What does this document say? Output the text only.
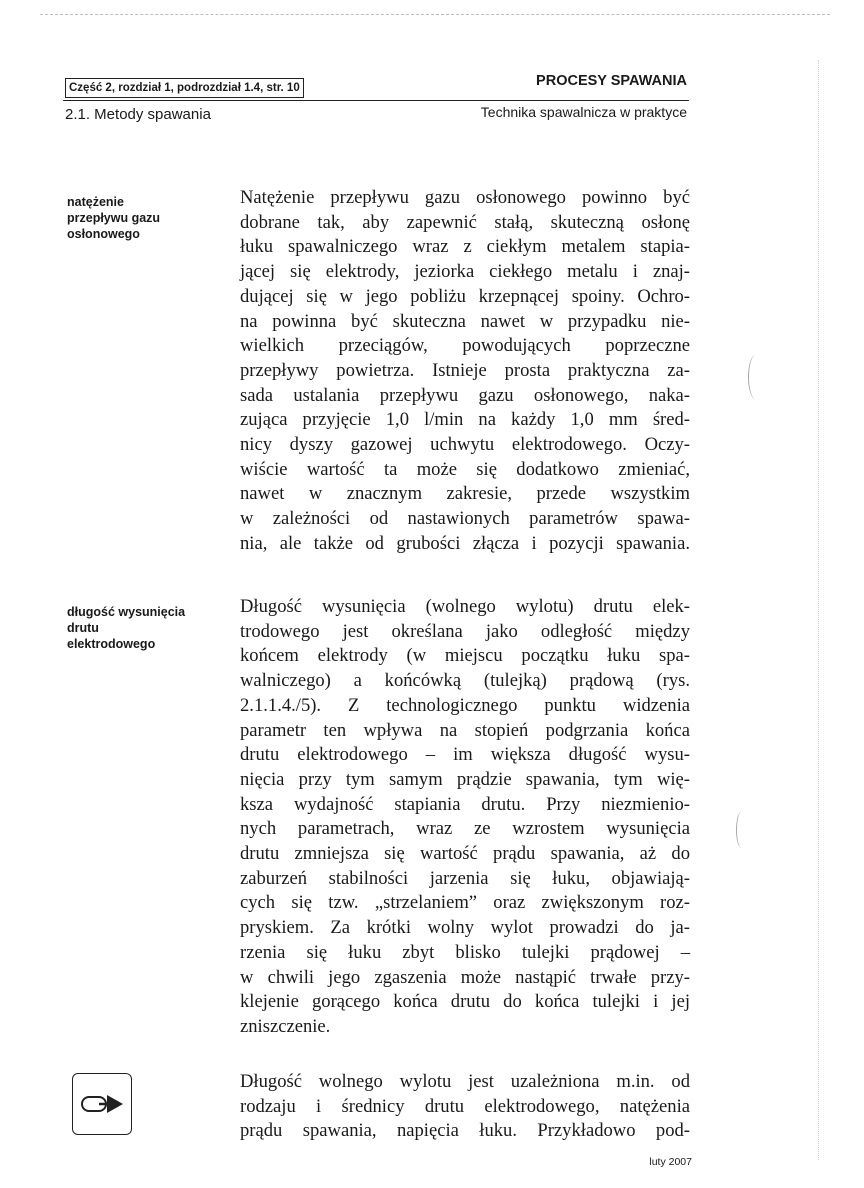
Część 2, rozdział 1, podrozdział 1.4, str. 10	PROCESY SPAWANIA
2.1. Metody spawania	Technika spawalnicza w praktyce
natężenie
przepływu gazu
osłonowego
Natężenie przepływu gazu osłonowego powinno być
dobrane tak, aby zapewnić stałą, skuteczną osłonę
łuku spawalniczego wraz z ciekłym metalem stapia-
jącej się elektrody, jeziorka ciekłego metalu i znaj-
dującej się w jego pobliżu krzepnącej spoiny. Ochro-
na powinna być skuteczna nawet w przypadku nie-
wielkich przeciągów, powodujących poprzeczne
przepływy powietrza. Istnieje prosta praktyczna za-
sada ustalania przepływu gazu osłonowego, naka-
zująca przyjęcie 1,0 l/min na każdy 1,0 mm śred-
nicy dyszy gazowej uchwytu elektrodowego. Oczy-
wiście wartość ta może się dodatkowo zmieniać,
nawet w znacznym zakresie, przede wszystkim
w zależności od nastawionych parametrów spawa-
nia, ale także od grubości złącza i pozycji spawania.
długość wysunięcia
drutu
elektrodowego
Długość wysunięcia (wolnego wylotu) drutu elek-
trodowego jest określana jako odległość między
końcem elektrody (w miejscu początku łuku spa-
walniczego) a końcówką (tulejką) prądową (rys.
2.1.1.4./5). Z technologicznego punktu widzenia
parametr ten wpływa na stopień podgrzania końca
drutu elektrodowego – im większa długość wysu-
nięcia przy tym samym prądzie spawania, tym wię-
ksza wydajność stapiania drutu. Przy niezmienio-
nych parametrach, wraz ze wzrostem wysunięcia
drutu zmniejsza się wartość prądu spawania, aż do
zaburzeń stabilności jarzenia się łuku, objawiają-
cych się tzw. „strzelaniem” oraz zwiększonym roz-
pryskiem. Za krótki wolny wylot prowadzi do ja-
rzenia się łuku zbyt blisko tulejki prądowej –
w chwili jego zgaszenia może nastąpić trwałe przy-
klejenie gorącego końca drutu do końca tulejki i jej
zniszczenie.
Długość wolnego wylotu jest uzależniona m.in. od
rodzaju i średnicy drutu elektrodowego, natężenia
prądu spawania, napięcia łuku. Przykładowo pod-
luty 2007
